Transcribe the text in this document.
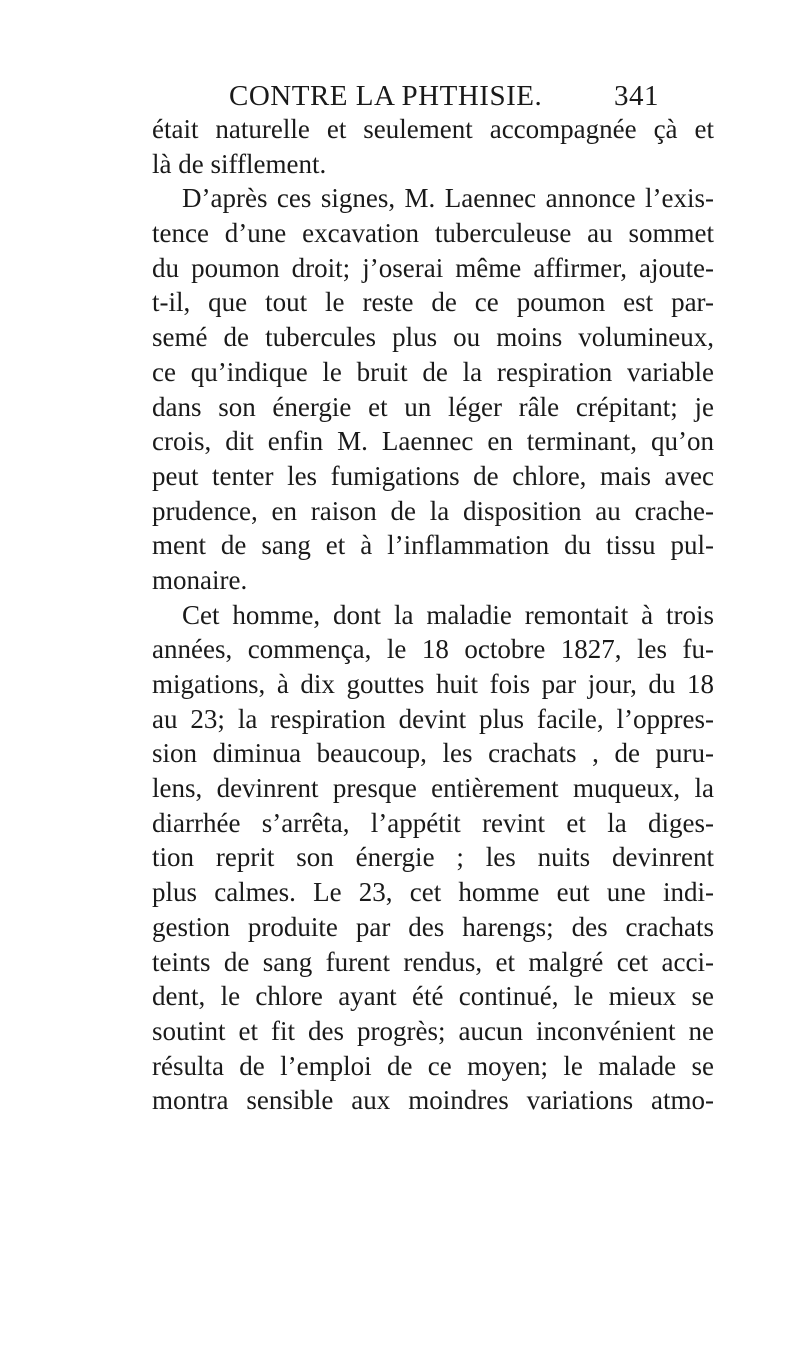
CONTRE LA PHTHISIE. 341
était naturelle et seulement accompagnée çà et
là de sifflement.
D’après ces signes, M. Laennec annonce l’exis-
tence d’une excavation tuberculeuse au sommet
du poumon droit; j’oserai même affirmer, ajoute-
t-il, que tout le reste de ce poumon est par-
semé de tubercules plus ou moins volumineux,
ce qu’indique le bruit de la respiration variable
dans son énergie et un léger râle crépitant; je
crois, dit enfin M. Laennec en terminant, qu’on
peut tenter les fumigations de chlore, mais avec
prudence, en raison de la disposition au crache-
ment de sang et à l’inflammation du tissu pul-
monaire.
Cet homme, dont la maladie remontait à trois
années, commença, le 18 octobre 1827, les fu-
migations, à dix gouttes huit fois par jour, du 18
au 23; la respiration devint plus facile, l’oppres-
sion diminua beaucoup, les crachats , de puru-
lens, devinrent presque entièrement muqueux, la
diarrhée s’arrêta, l’appétit revint et la diges-
tion reprit son énergie ; les nuits devinrent
plus calmes. Le 23, cet homme eut une indi-
gestion produite par des harengs; des crachats
teints de sang furent rendus, et malgré cet acci-
dent, le chlore ayant été continué, le mieux se
soutint et fit des progrès; aucun inconvénient ne
résulta de l’emploi de ce moyen; le malade se
montra sensible aux moindres variations atmo-
